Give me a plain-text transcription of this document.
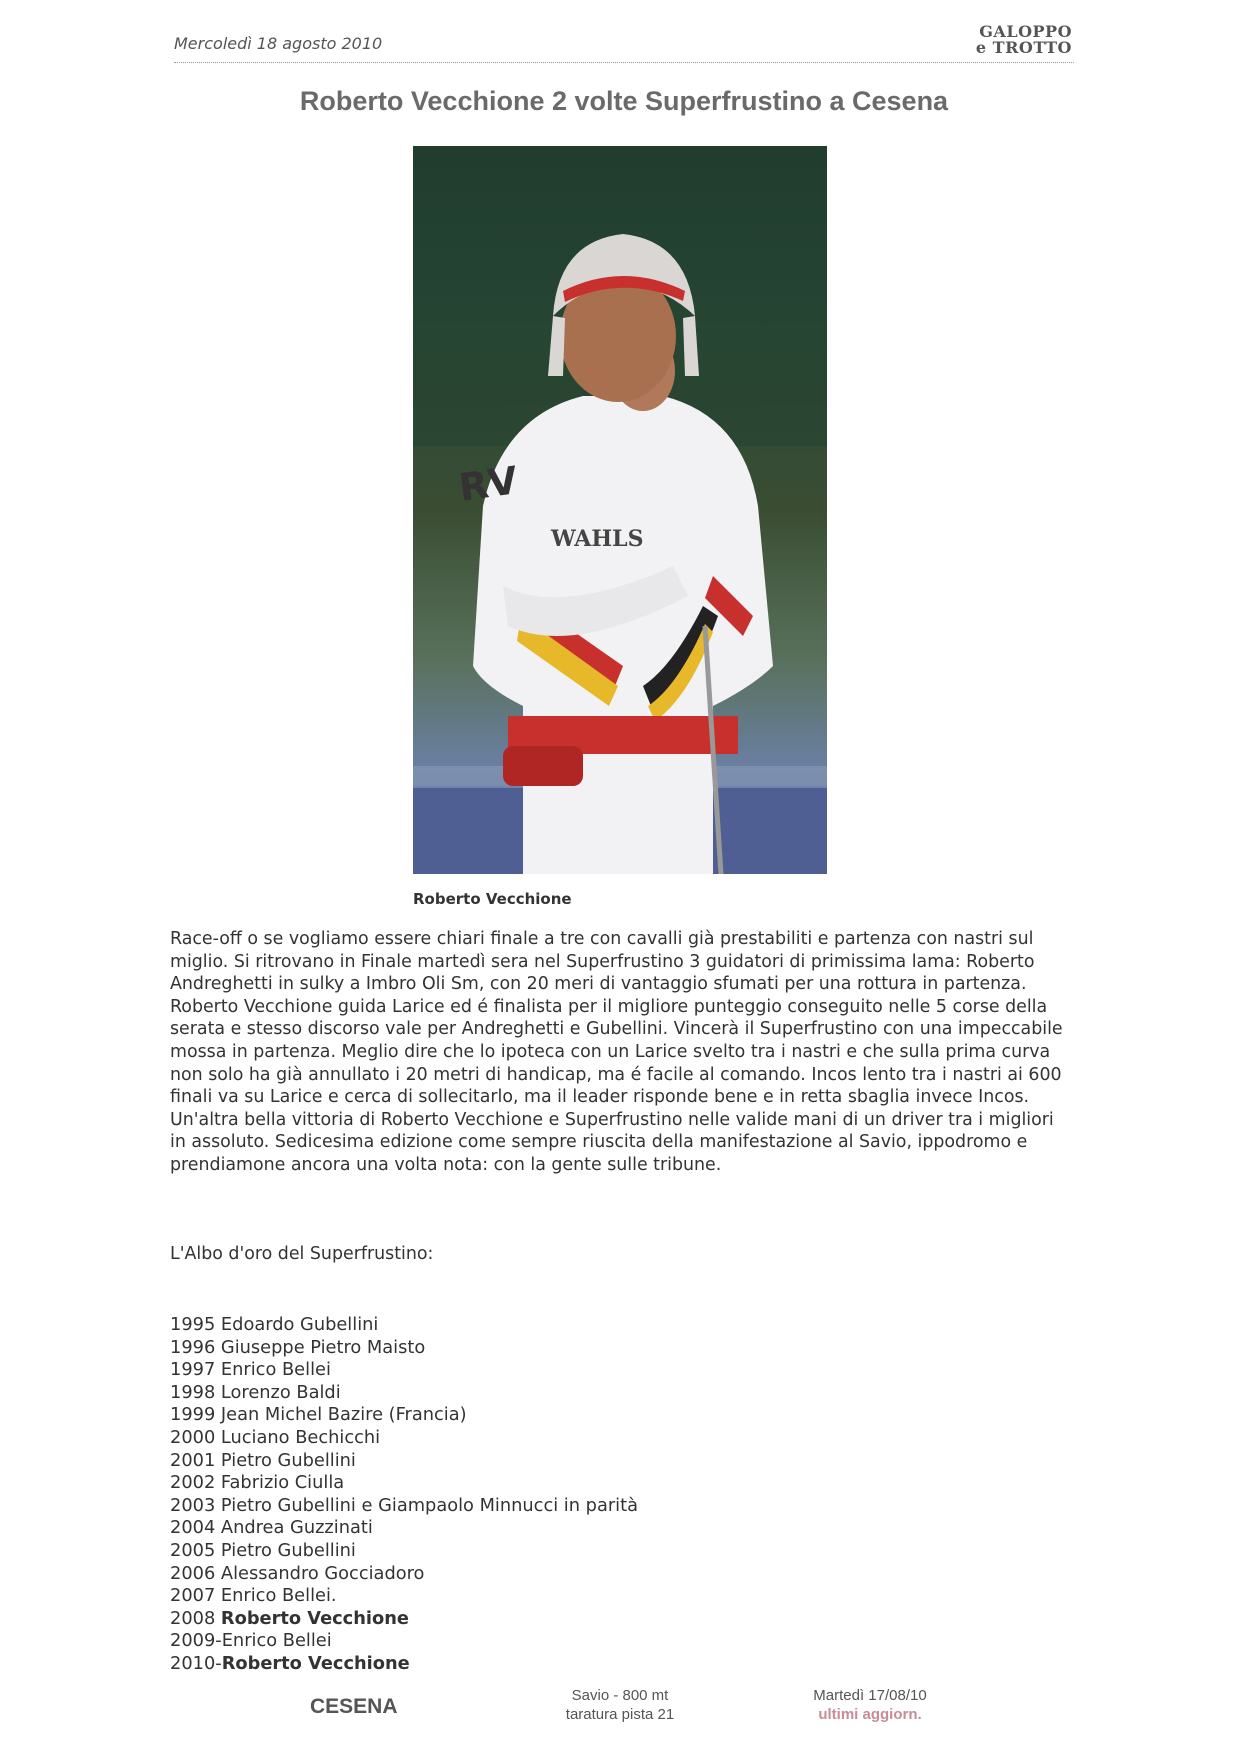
Mercoledì 18 agosto 2010
GALOPPO
e TROTTO
Roberto Vecchione 2 volte Superfrustino a Cesena
RV
WAHLS
Roberto Vecchione

Race-off o se vogliamo essere chiari finale a tre con cavalli già prestabiliti e partenza con nastri sul miglio. Si ritrovano in Finale martedì sera nel Superfrustino 3 guidatori di primissima lama: Roberto Andreghetti in sulky a Imbro Oli Sm, con 20 meri di vantaggio sfumati per una rottura in partenza.

Roberto Vecchione guida Larice ed é finalista per il migliore punteggio conseguito nelle 5 corse della serata e stesso discorso vale per Andreghetti e Gubellini. Vincerà il Superfrustino con una impeccabile mossa in partenza. Meglio dire che lo ipoteca con un Larice svelto tra i nastri e che sulla prima curva non solo ha già annullato i 20 metri di handicap, ma é facile al comando. Incos lento tra i nastri ai 600 finali va su Larice e cerca di sollecitarlo, ma il leader risponde bene e in retta sbaglia invece Incos. Un'altra bella vittoria di Roberto Vecchione e Superfrustino nelle valide mani di un driver tra i migliori in assoluto. Sedicesima edizione come sempre riuscita della manifestazione al Savio, ippodromo e prendiamone ancora una volta nota: con la gente sulle tribune.

L'Albo d'oro del Superfrustino:
1995 Edoardo Gubellini
1996 Giuseppe Pietro Maisto
1997 Enrico Bellei
1998 Lorenzo Baldi
1999 Jean Michel Bazire (Francia)
2000 Luciano Bechicchi
2001 Pietro Gubellini
2002 Fabrizio Ciulla
2003 Pietro Gubellini e Giampaolo Minnucci in parità
2004 Andrea Guzzinati
2005 Pietro Gubellini
2006 Alessandro Gocciadoro
2007 Enrico Bellei.
2008 Roberto Vecchione
2009-Enrico Bellei
2010-Roberto Vecchione
CESENA	Savio - 800 mt
taratura pista 21
Martedì 17/08/10
ultimi aggiorn.
